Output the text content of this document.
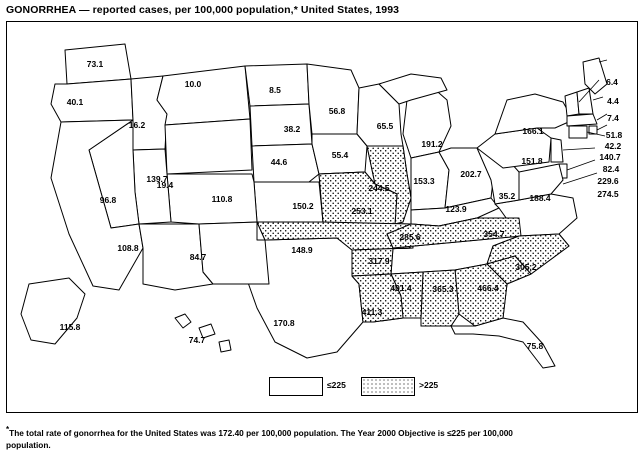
GONORRHEA — reported cases, per 100,000 population,* United States, 1993
73.1
40.1
16.2
10.0
8.5
56.8
65.5
191.2
6.4
4.4
7.4
166.1	51.8
42.2
140.7
151.8
82.4
229.6
274.5
19.4
38.2
55.4
44.6
244.5
153.3
202.7
35.2 188.4
123.9
253.1
150.2
110.8
139.7
96.8
108.8
84.7
148.9
317.9
285.6	354.7
305.2
466.4
365.3
401.4
411.3
170.8
75.8
115.8
74.7
≤225	>225
*The total rate of gonorrhea for the United States was 172.40 per 100,000 population. The Year 2000 Objective is ≤225 per 100,000
population.
